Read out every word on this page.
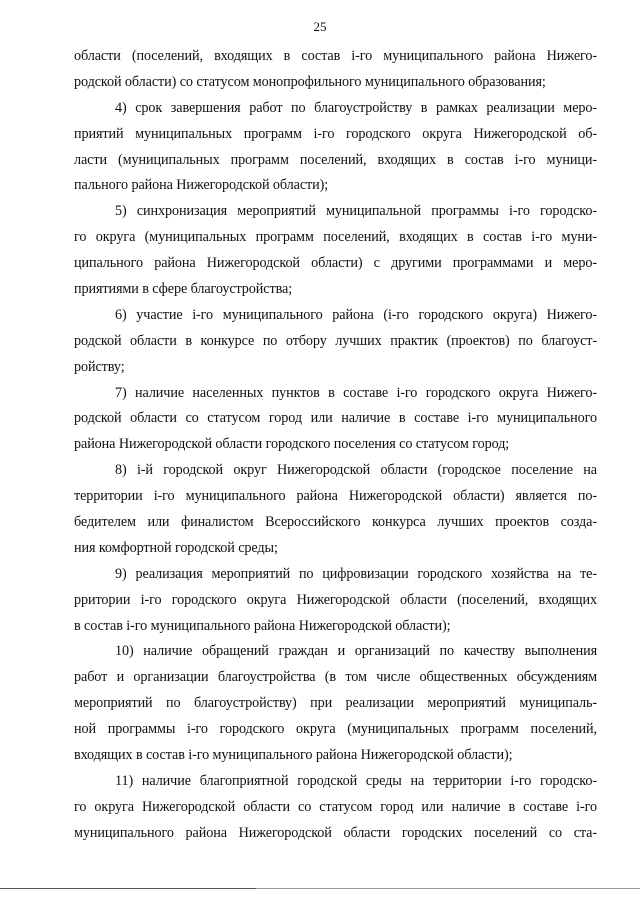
25
области (поселений, входящих в состав i-го муниципального района Нижего-
родской области) со статусом монопрофильного муниципального образования;
4) срок завершения работ по благоустройству в рамках реализации меро-
приятий муниципальных программ i-го городского округа Нижегородской об-
ласти (муниципальных программ поселений, входящих в состав i-го муници-
пального района Нижегородской области);
5) синхронизация мероприятий муниципальной программы i-го городско-
го округа (муниципальных программ поселений, входящих в состав i-го муни-
ципального района Нижегородской области) с другими программами и меро-
приятиями в сфере благоустройства;
6) участие i-го муниципального района (i-го городского округа) Нижего-
родской области в конкурсе по отбору лучших практик (проектов) по благоуст-
ройству;
7) наличие населенных пунктов в составе i-го городского округа Нижего-
родской области со статусом город или наличие в составе i-го муниципального
района Нижегородской области городского поселения со статусом город;
8) i-й городской округ Нижегородской области (городское поселение на
территории i-го муниципального района Нижегородской области) является по-
бедителем или финалистом Всероссийского конкурса лучших проектов созда-
ния комфортной городской среды;
9) реализация мероприятий по цифровизации городского хозяйства на те-
рритории i-го городского округа Нижегородской области (поселений, входящих
в состав i-го муниципального района Нижегородской области);
10) наличие обращений граждан и организаций по качеству выполнения
работ и организации благоустройства (в том числе общественных обсуждениям
мероприятий по благоустройству) при реализации мероприятий муниципаль-
ной программы i-го городского округа (муниципальных программ поселений,
входящих в состав i-го муниципального района Нижегородской области);
11) наличие благоприятной городской среды на территории i-го городско-
го округа Нижегородской области со статусом город или наличие в составе i-го
муниципального района Нижегородской области городских поселений со ста-
